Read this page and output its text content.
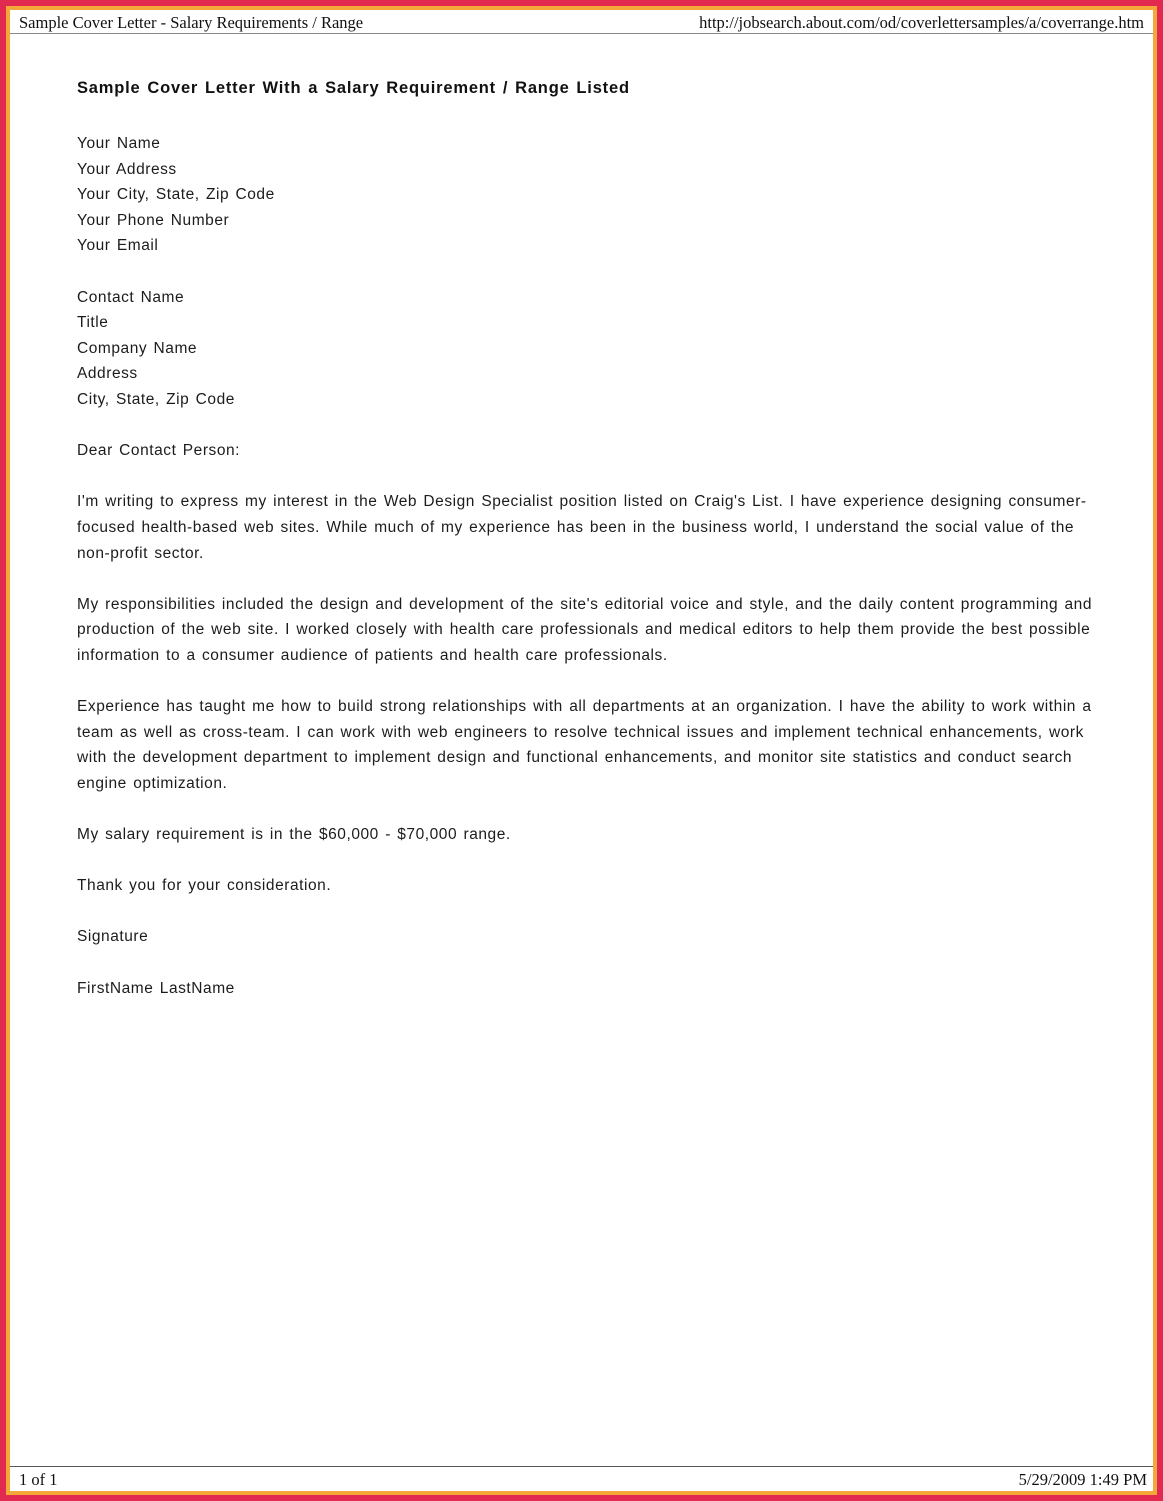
Sample Cover Letter - Salary Requirements / Range	http://jobsearch.about.com/od/coverlettersamples/a/coverrange.htm
Sample Cover Letter With a Salary Requirement / Range Listed
Your Name
Your Address
Your City, State, Zip Code
Your Phone Number
Your Email
Contact Name
Title
Company Name
Address
City, State, Zip Code
Dear Contact Person:

I'm writing to express my interest in the Web Design Specialist position listed on Craig's List. I have experience designing consumer-focused health-based web sites. While much of my experience has been in the business world, I understand the social value of the non-profit sector.

My responsibilities included the design and development of the site's editorial voice and style, and the daily content programming and production of the web site. I worked closely with health care professionals and medical editors to help them provide the best possible information to a consumer audience of patients and health care professionals.

Experience has taught me how to build strong relationships with all departments at an organization. I have the ability to work within a team as well as cross-team. I can work with web engineers to resolve technical issues and implement technical enhancements, work with the development department to implement design and functional enhancements, and monitor site statistics and conduct search engine optimization.

My salary requirement is in the $60,000 - $70,000 range.

Thank you for your consideration.
Signature
FirstName LastName
1 of 1	5/29/2009 1:49 PM
